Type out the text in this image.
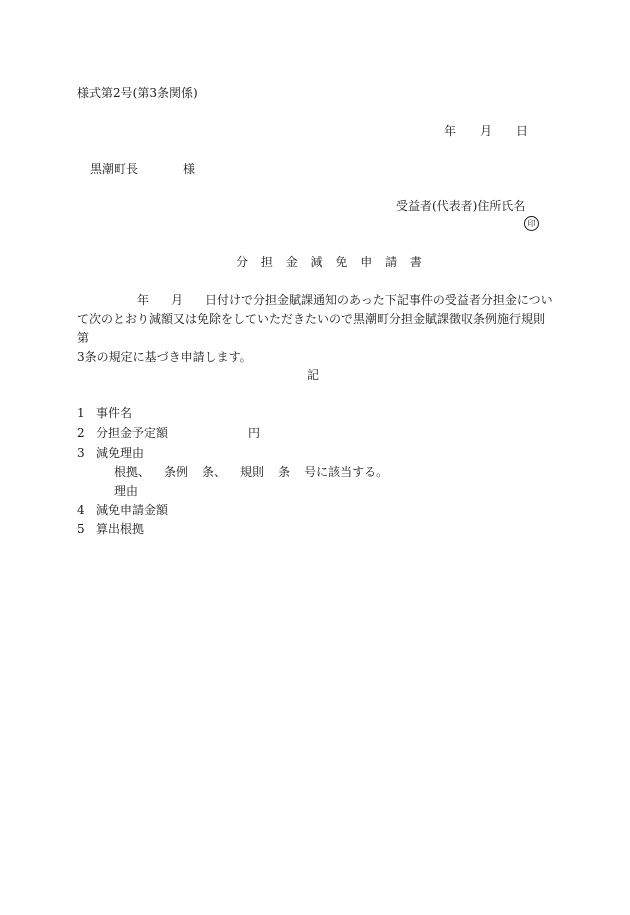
様式第2号(第3条関係)

年 月 日
黒潮町長	様
受益者(代表者)住所氏名
印
分 担 金 減 免 申 請 書
年 月 日付けで分担金賦課通知のあった下記事件の受益者分担金につい
て次のとおり減額又は免除をしていただきたいので黒潮町分担金賦課徴収条例施行規則第
3条の規定に基づき申請します。

記

1 事件名
2 分担金予定額	円
3 減免理由
根拠、 条例 条、 規則 条 号に該当する。
理由
4 減免申請金額
5 算出根拠
